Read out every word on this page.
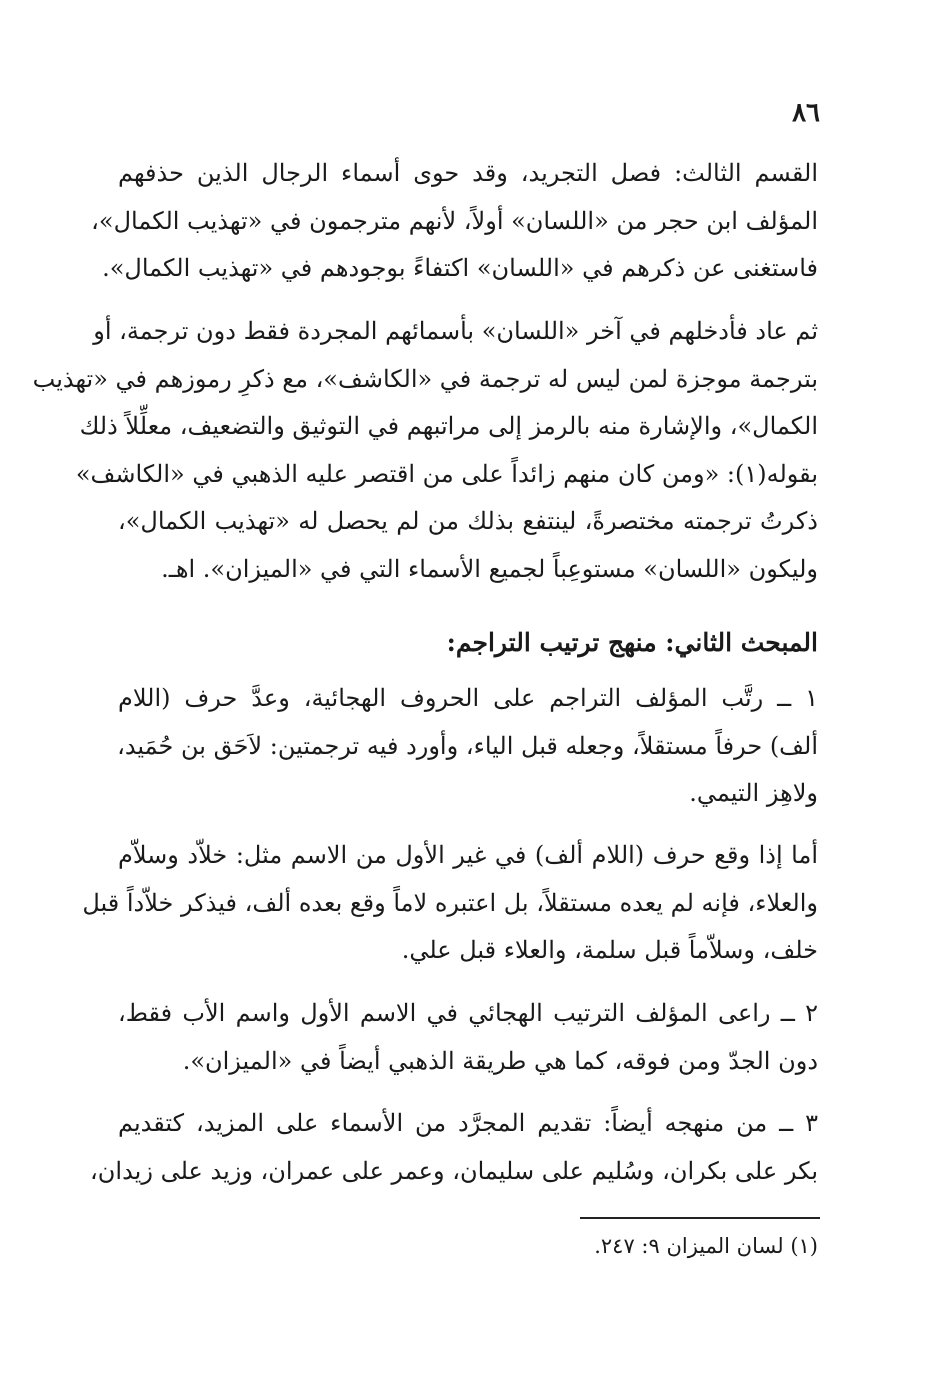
٨٦
القسم الثالث: فصل التجريد، وقد حوى أسماء الرجال الذين حذفهم
المؤلف ابن حجر من «اللسان» أولاً، لأنهم مترجمون في «تهذيب الكمال»،
فاستغنى عن ذكرهم في «اللسان» اكتفاءً بوجودهم في «تهذيب الكمال».
ثم عاد فأدخلهم في آخر «اللسان» بأسمائهم المجردة فقط دون ترجمة، أو
بترجمة موجزة لمن ليس له ترجمة في «الكاشف»، مع ذكرِ رموزهم في «تهذيب
الكمال»، والإشارة منه بالرمز إلى مراتبهم في التوثيق والتضعيف، معلِّلاً ذلك
بقوله(١): «ومن كان منهم زائداً على من اقتصر عليه الذهبي في «الكاشف»
ذكرتُ ترجمته مختصرةً، لينتفع بذلك من لم يحصل له «تهذيب الكمال»،
وليكون «اللسان» مستوعِباً لجميع الأسماء التي في «الميزان». اهـ.
المبحث الثاني: منهج ترتيب التراجم:
١ ــ رتَّب المؤلف التراجم على الحروف الهجائية، وعدَّ حرف (اللام
ألف) حرفاً مستقلاً، وجعله قبل الياء، وأورد فيه ترجمتين: لاَحَق بن حُمَيد،
ولاهِز التيمي.
أما إذا وقع حرف (اللام ألف) في غير الأول من الاسم مثل: خلاّد وسلاّم
والعلاء، فإنه لم يعده مستقلاً، بل اعتبره لاماً وقع بعده ألف، فيذكر خلاّداً قبل
خلف، وسلاّماً قبل سلمة، والعلاء قبل علي.
٢ ــ راعى المؤلف الترتيب الهجائي في الاسم الأول واسم الأب فقط،
دون الجدّ ومن فوقه، كما هي طريقة الذهبي أيضاً في «الميزان».
٣ ــ من منهجه أيضاً: تقديم المجرَّد من الأسماء على المزيد، كتقديم
بكر على بكران، وسُليم على سليمان، وعمر على عمران، وزيد على زيدان،
(١) لسان الميزان ٩: ٢٤٧.
